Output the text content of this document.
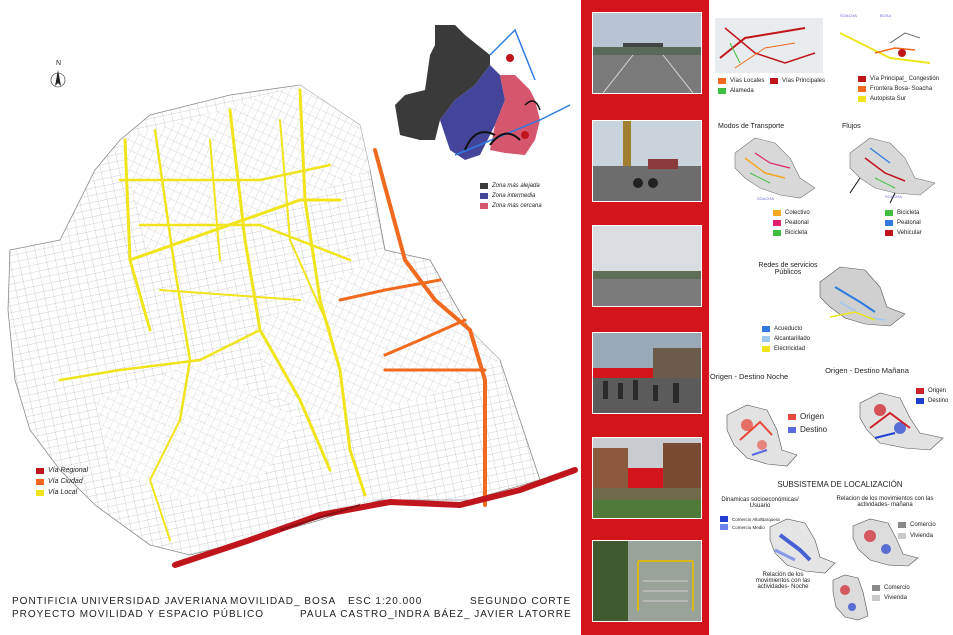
N
Vía Regional
Vía Ciudad
Vía Local
Zona más alejada
Zona intermedia
Zona más cercana
PONTIFICIA UNIVERSIDAD JAVERIANA MOVILIDAD_ BOSA ESC 1:20.000	SEGUNDO CORTE
PROYECTO MOVILIDAD Y ESPACIO PÚBLICO	PAULA CASTRO_INDRA BÁEZ_ JAVIER LATORRE
SOACHA	BOSA
Vías Locales
Alameda
Vías Principales	Vía Principal_ Congestión
Frontera Bosa- Soacha
Autopista Sur
Modos de Transporte
SOACHA
Colectivo
Peatonal
Bicicleta
Flujos
SOACHA
Bicicleta
Peatonal
Vehicular
Redes de servicios Públicos
Acueducto
Alcantarillado
Electricidad
Origen - Destino Noche
Origen
Destino
Origen - Destino Mañana
Origen
Destino
SUBSISTEMA DE LOCALIZACIÓN
Dinamicas socioeconómicas/ Usuario
Comercio Alto/Barquera
Comercio Medio
Relacion de los movimientos con las actividades- mañana
Comercio
Vivienda
Relación de los movimientos con las actividades- Noche	Comercio
Vivienda
